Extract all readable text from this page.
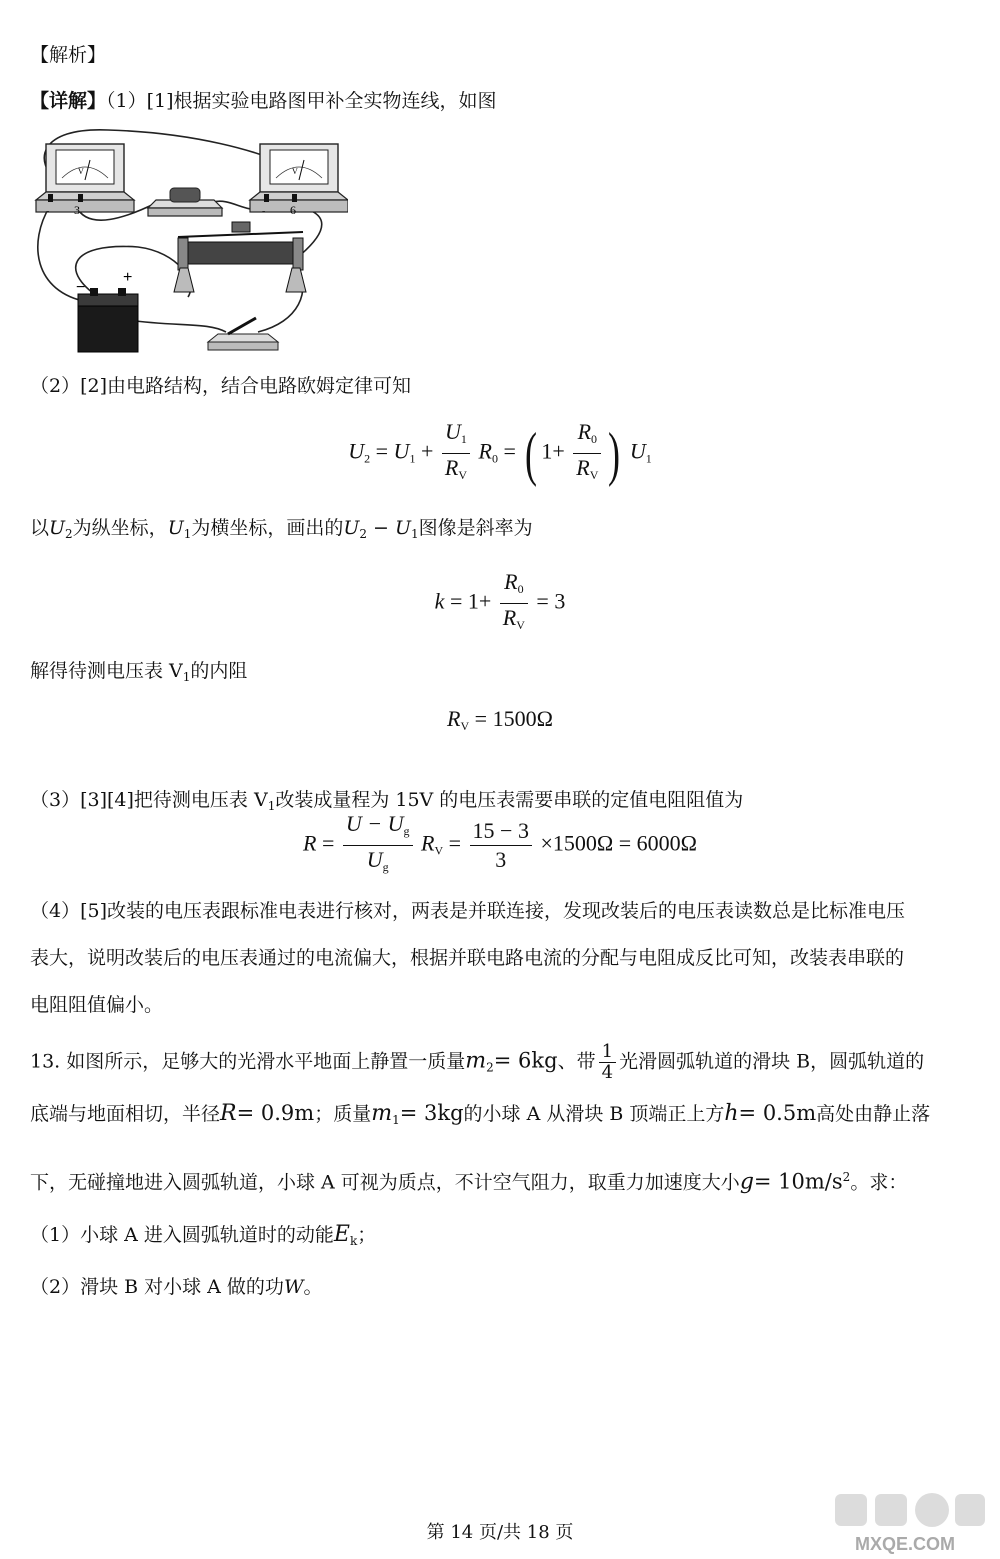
【解析】
【详解】（1）[1]根据实验电路图甲补全实物连线，如图
V
- 3
V
- 6
−
+
（2）[2]由电路结构，结合电路欧姆定律可知
$U_2 = U_1 + \frac{U_1}{R_V} R_0$ = ( $1+ \frac{R_0}{R_V}$ ) $U_1$
以$U_2$为纵坐标，$U_1$为横坐标，画出的$U_2 - U_1$图像是斜率为
$k = 1+ \frac{R_0}{R_V} = 3$
解得待测电压表 $V_1$的内阻
$R_V = 1500\Omega$
（3）[3][4]把待测电压表 $V_1$改装成量程为 15V 的电压表需要串联的定值电阻阻值为
$R = \frac{U - U_g}{U_g} R_V = \frac{15 - 3}{3} \times 1500\Omega = 6000\Omega$
（4）[5]改装的电压表跟标准电表进行核对，两表是并联连接，发现改装后的电压表读数总是比标准电压
表大，说明改装后的电压表通过的电流偏大，根据并联电路电流的分配与电阻成反比可知，改装表串联的
电阻阻值偏小。
13. 如图所示，足够大的光滑水平地面上静置一质量$m_2= 6kg$、带 $\frac{1}{4}$ 光滑圆弧轨道的滑块 B，圆弧轨道的
底端与地面相切，半径R= 0.9m；质量$m_1= 3kg$的小球 A 从滑块 B 顶端正上方h= 0.5m高处由静止落
下，无碰撞地进入圆弧轨道，小球 A 可视为质点，不计空气阻力，取重力加速度大小$g= 10m/s^2$。求：
（1）小球 A 进入圆弧轨道时的动能$E_k$；
（2）滑块 B 对小球 A 做的功W。
第 14 页/共 18 页
MXQE.COM
